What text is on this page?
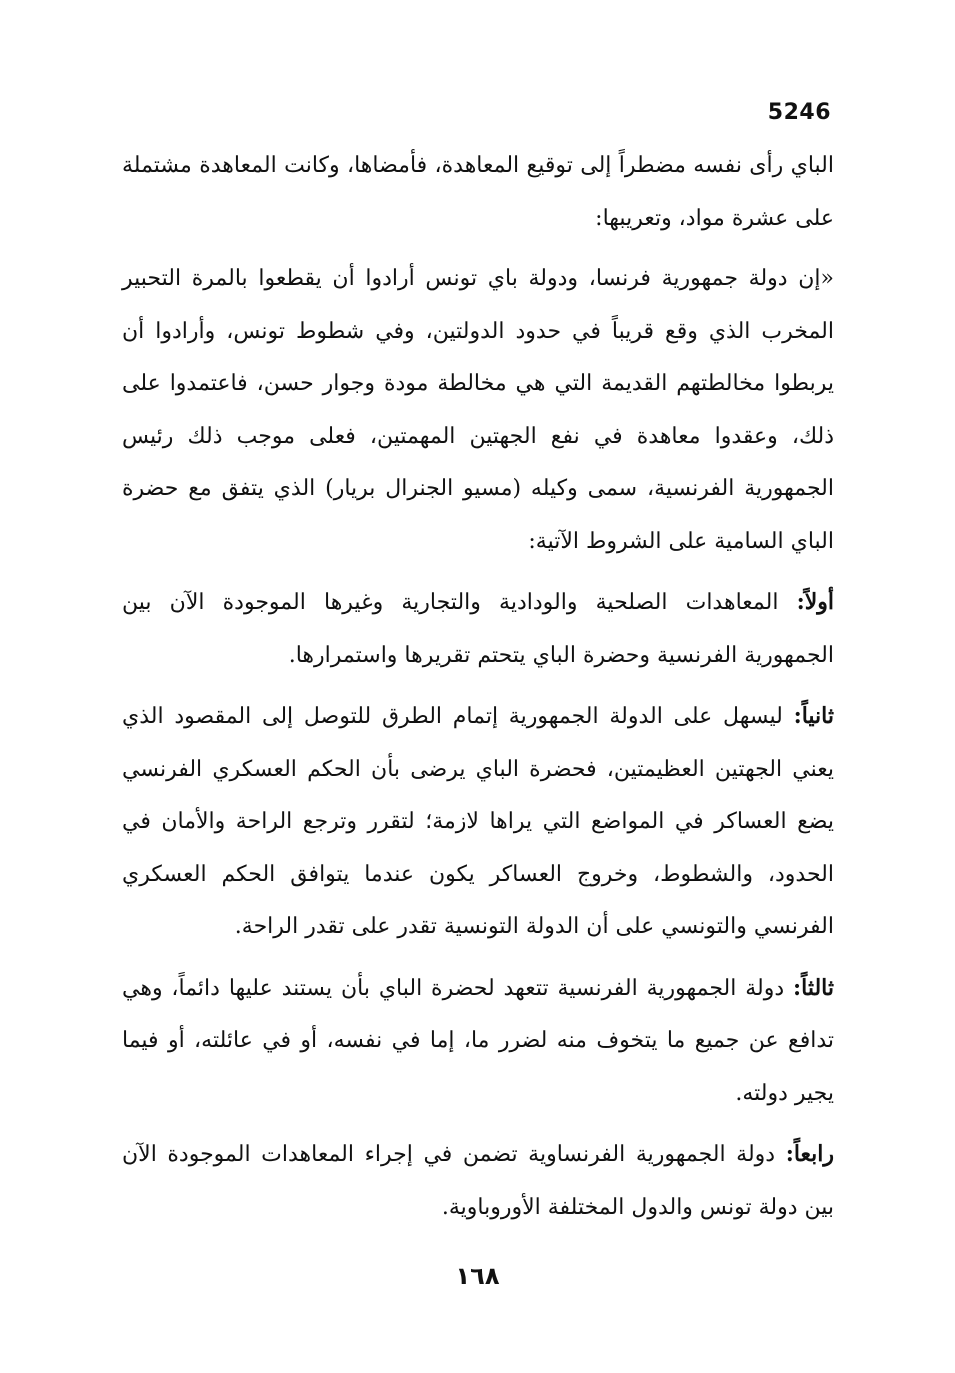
5246

الباي رأى نفسه مضطراً إلى توقيع المعاهدة، فأمضاها، وكانت المعاهدة مشتملة على عشرة مواد، وتعريبها:

«إن دولة جمهورية فرنسا، ودولة باي تونس أرادوا أن يقطعوا بالمرة التحبير المخرب الذي وقع قريباً في حدود الدولتين، وفي شطوط تونس، وأرادوا أن يربطوا مخالطتهم القديمة التي هي مخالطة مودة وجوار حسن، فاعتمدوا على ذلك، وعقدوا معاهدة في نفع الجهتين المهمتين، فعلى موجب ذلك رئيس الجمهورية الفرنسية، سمى وكيله (مسيو الجنرال بريار) الذي يتفق مع حضرة الباي السامية على الشروط الآتية:

أولاً: المعاهدات الصلحية والودادية والتجارية وغيرها الموجودة الآن بين الجمهورية الفرنسية وحضرة الباي يتحتم تقريرها واستمرارها.

ثانياً: ليسهل على الدولة الجمهورية إتمام الطرق للتوصل إلى المقصود الذي يعني الجهتين العظيمتين، فحضرة الباي يرضى بأن الحكم العسكري الفرنسي يضع العساكر في المواضع التي يراها لازمة؛ لتقرر وترجع الراحة والأمان في الحدود، والشطوط، وخروج العساكر يكون عندما يتوافق الحكم العسكري الفرنسي والتونسي على أن الدولة التونسية تقدر على تقدر الراحة.

ثالثاً: دولة الجمهورية الفرنسية تتعهد لحضرة الباي بأن يستند عليها دائماً، وهي تدافع عن جميع ما يتخوف منه لضرر ما، إما في نفسه، أو في عائلته، أو فيما يجير دولته.

رابعاً: دولة الجمهورية الفرنساوية تضمن في إجراء المعاهدات الموجودة الآن بين دولة تونس والدول المختلفة الأوروباوية.

١٦٨
